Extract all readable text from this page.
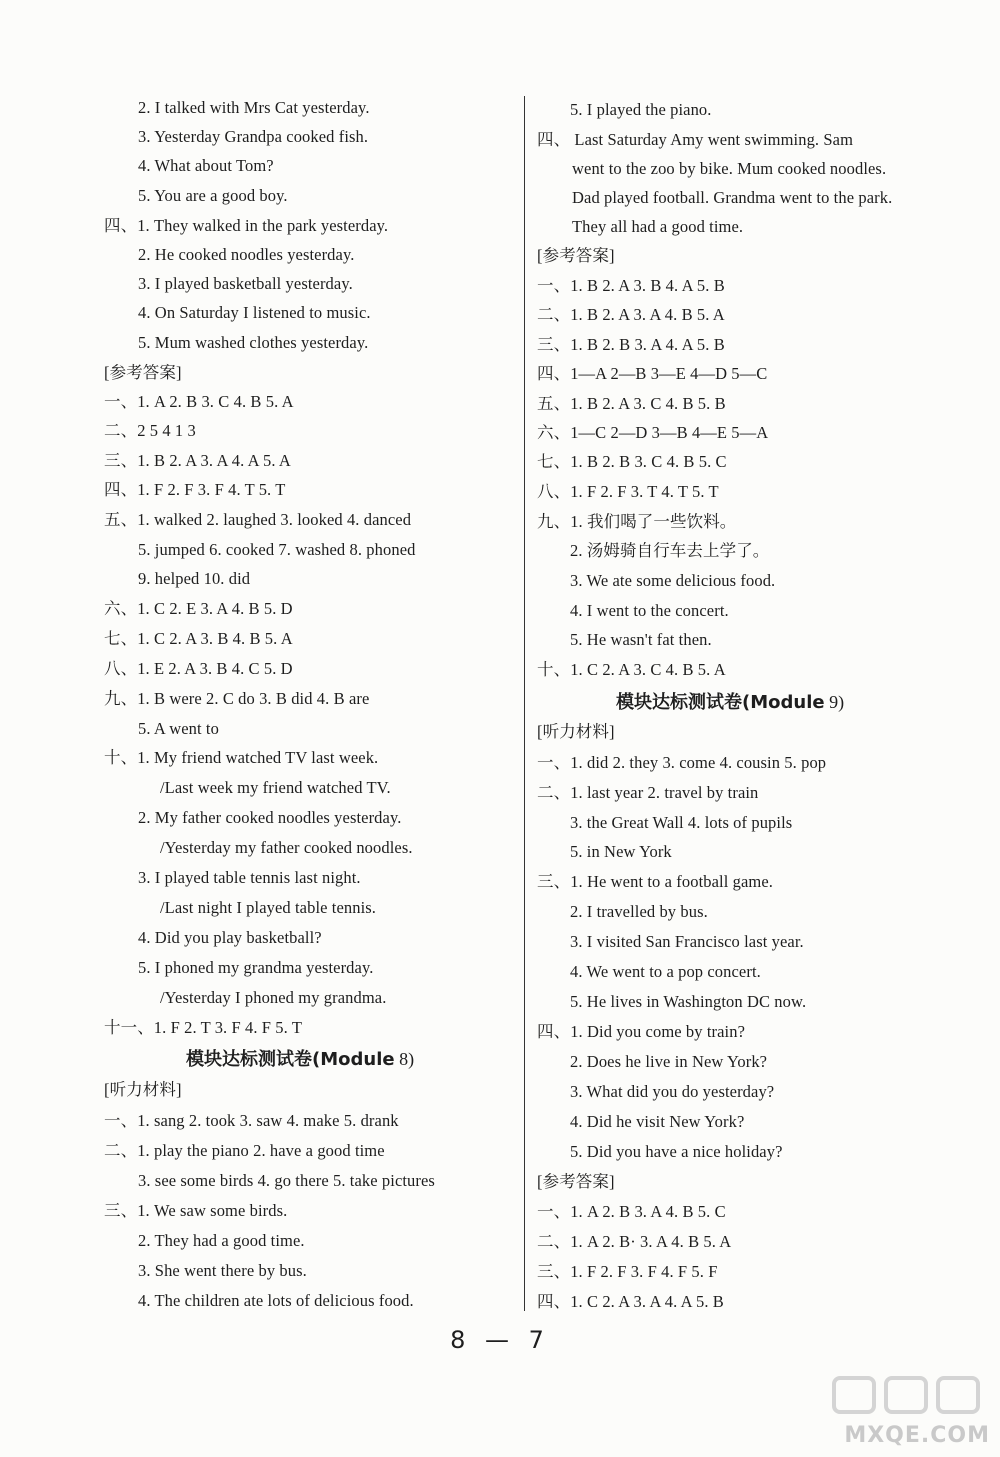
2. I talked with Mrs Cat yesterday.
3. Yesterday Grandpa cooked fish.
4. What about Tom?
5. You are a good boy.
四、1. They walked in the park yesterday.
2. He cooked noodles yesterday.
3. I played basketball yesterday.
4. On Saturday I listened to music.
5. Mum washed clothes yesterday.
[参考答案]
一、1. A 2. B 3. C 4. B 5. A
二、2 5 4 1 3
三、1. B 2. A 3. A 4. A 5. A
四、1. F 2. F 3. F 4. T 5. T
五、1. walked 2. laughed 3. looked 4. danced
5. jumped 6. cooked 7. washed 8. phoned
9. helped 10. did
六、1. C 2. E 3. A 4. B 5. D
七、1. C 2. A 3. B 4. B 5. A
八、1. E 2. A 3. B 4. C 5. D
九、1. B were 2. C do 3. B did 4. B are
5. A went to
十、1. My friend watched TV last week.
/Last week my friend watched TV.
2. My father cooked noodles yesterday.
/Yesterday my father cooked noodles.
3. I played table tennis last night.
/Last night I played table tennis.
4. Did you play basketball?
5. I phoned my grandma yesterday.
/Yesterday I phoned my grandma.
十一、1. F 2. T 3. F 4. F 5. T
[听力材料]
一、1. sang 2. took 3. saw 4. make 5. drank
二、1. play the piano 2. have a good time
3. see some birds 4. go there 5. take pictures
三、1. We saw some birds.
2. They had a good time.
3. She went there by bus.
4. The children ate lots of delicious food.
模块达标测试卷(Module 8)
5. I played the piano.
四、 Last Saturday Amy went swimming. Sam
went to the zoo by bike. Mum cooked noodles.
Dad played football. Grandma went to the park.
They all had a good time.
[参考答案]
一、1. B 2. A 3. B 4. A 5. B
二、1. B 2. A 3. A 4. B 5. A
三、1. B 2. B 3. A 4. A 5. B
四、1—A 2—B 3—E 4—D 5—C
五、1. B 2. A 3. C 4. B 5. B
六、1—C 2—D 3—B 4—E 5—A
七、1. B 2. B 3. C 4. B 5. C
八、1. F 2. F 3. T 4. T 5. T
九、1. 我们喝了一些饮料。
2. 汤姆骑自行车去上学了。
3. We ate some delicious food.
4. I went to the concert.
5. He wasn't fat then.
十、1. C 2. A 3. C 4. B 5. A
[听力材料]
一、1. did 2. they 3. come 4. cousin 5. pop
二、1. last year 2. travel by train
3. the Great Wall 4. lots of pupils
5. in New York
三、1. He went to a football game.
2. I travelled by bus.
3. I visited San Francisco last year.
4. We went to a pop concert.
5. He lives in Washington DC now.
四、1. Did you come by train?
2. Does he live in New York?
3. What did you do yesterday?
4. Did he visit New York?
5. Did you have a nice holiday?
[参考答案]
一、1. A 2. B 3. A 4. B 5. C
二、1. A 2. B· 3. A 4. B 5. A
三、1. F 2. F 3. F 4. F 5. F
四、1. C 2. A 3. A 4. A 5. B
模块达标测试卷(Module 9)
8 — 7
MXQE.COM
